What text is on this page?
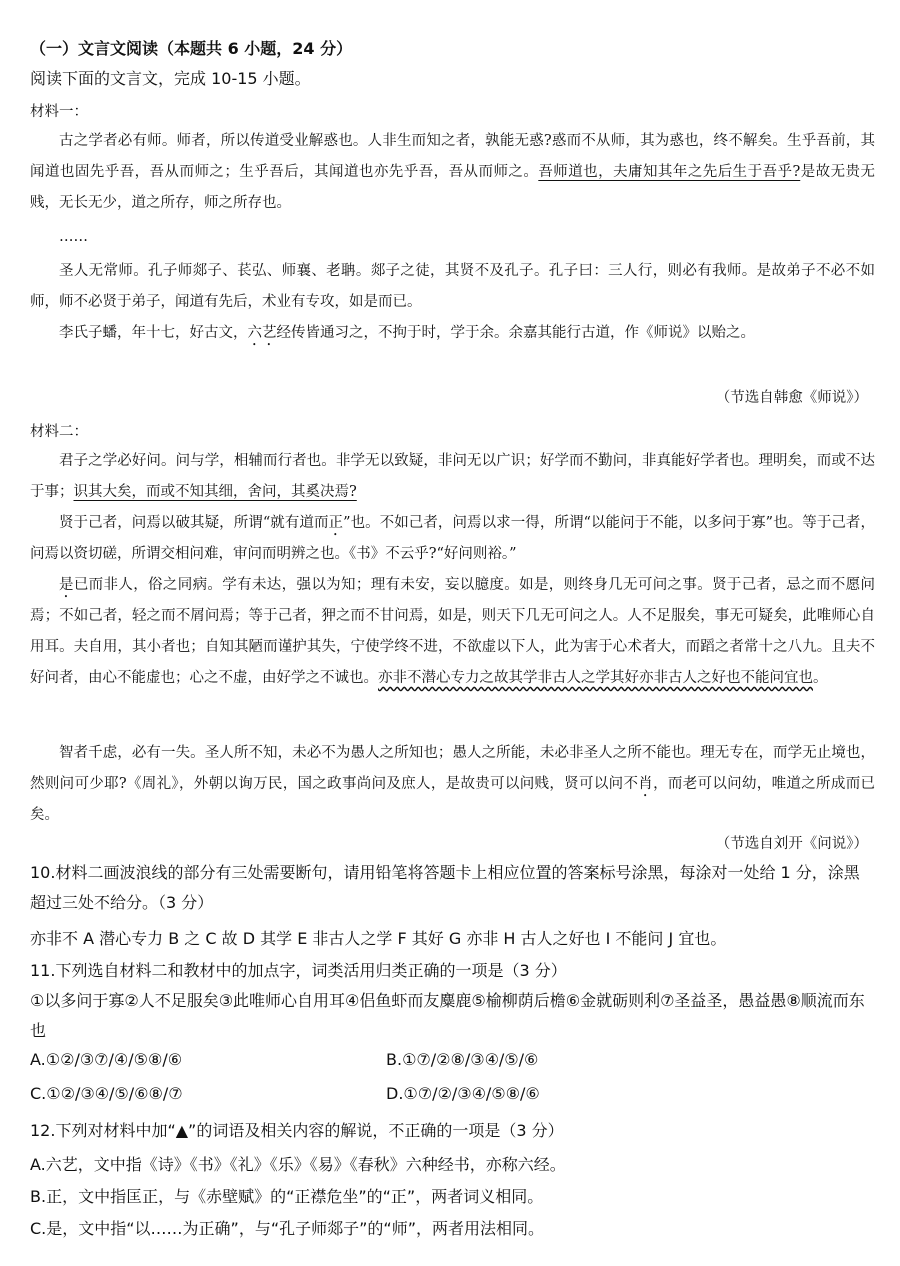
（一）文言文阅读（本题共 6 小题，24 分）
阅读下面的文言文，完成 10-15 小题。
材料一：
古之学者必有师。师者，所以传道受业解惑也。人非生而知之者，孰能无惑?惑而不从师，其为惑也，终不解矣。生乎吾前，其闻道也固先乎吾，吾从而师之；生乎吾后，其闻道也亦先乎吾，吾从而师之。吾师道也，夫庸知其年之先后生于吾乎?是故无贵无贱，无长无少，道之所存，师之所存也。
……
圣人无常师。孔子师郯子、苌弘、师襄、老聃。郯子之徒，其贤不及孔子。孔子曰：三人行，则必有我师。是故弟子不必不如师，师不必贤于弟子，闻道有先后，术业有专攻，如是而已。
李氏子蟠，年十七，好古文，六艺经传皆通习之，不拘于时，学于余。余嘉其能行古道，作《师说》以贻之。
（节选自韩愈《师说》）
材料二：
君子之学必好问。问与学，相辅而行者也。非学无以致疑，非问无以广识；好学而不勤问，非真能好学者也。理明矣，而或不达于事；识其大矣，而或不知其细，舍问，其奚决焉?
贤于己者，问焉以破其疑，所谓“就有道而正”也。不如己者，问焉以求一得，所谓“以能问于不能，以多问于寡”也。等于己者，问焉以资切磋，所谓交相问难，审问而明辨之也。《书》不云乎?“好问则裕。”
是已而非人，俗之同病。学有未达，强以为知；理有未安，妄以臆度。如是，则终身几无可问之事。贤于己者，忌之而不愿问焉；不如己者，轻之而不屑问焉；等于己者，狎之而不甘问焉，如是，则天下几无可问之人。人不足服矣，事无可疑矣，此唯师心自用耳。夫自用，其小者也；自知其陋而谨护其失，宁使学终不进，不欲虚以下人，此为害于心术者大，而蹈之者常十之八九。且夫不好问者，由心不能虚也；心之不虚，由好学之不诚也。亦非不潜心专力之故其学非古人之学其好亦非古人之好也不能问宜也。
智者千虑，必有一失。圣人所不知，未必不为愚人之所知也；愚人之所能，未必非圣人之所不能也。理无专在，而学无止境也，然则问可少耶?《周礼》，外朝以询万民，国之政事尚问及庶人，是故贵可以问贱，贤可以问不肖，而老可以问幼，唯道之所成而已矣。
（节选自刘开《问说》）
10.材料二画波浪线的部分有三处需要断句，请用铅笔将答题卡上相应位置的答案标号涂黑，每涂对一处给 1 分，涂黑超过三处不给分。（3 分）
亦非不 A 潜心专力 B 之 C 故 D 其学 E 非古人之学 F 其好 G 亦非 H 古人之好也 I 不能问 J 宜也。
11.下列选自材料二和教材中的加点字，词类活用归类正确的一项是（3 分）
①以多问于寡②人不足服矣③此唯师心自用耳④侣鱼虾而友麋鹿⑤榆柳荫后檐⑥金就砺则利⑦圣益圣，愚益愚⑧顺流而东也
A.①②/③⑦/④/⑤⑧/⑥	B.①⑦/②⑧/③④/⑤/⑥
C.①②/③④/⑤/⑥⑧/⑦	D.①⑦/②/③④/⑤⑧/⑥
12.下列对材料中加“▲”的词语及相关内容的解说，不正确的一项是（3 分）
A.六艺，文中指《诗》《书》《礼》《乐》《易》《春秋》六种经书，亦称六经。
B.正，文中指匡正，与《赤壁赋》的“正襟危坐”的“正”，两者词义相同。
C.是，文中指“以……为正确”，与“孔子师郯子”的“师”，两者用法相同。
